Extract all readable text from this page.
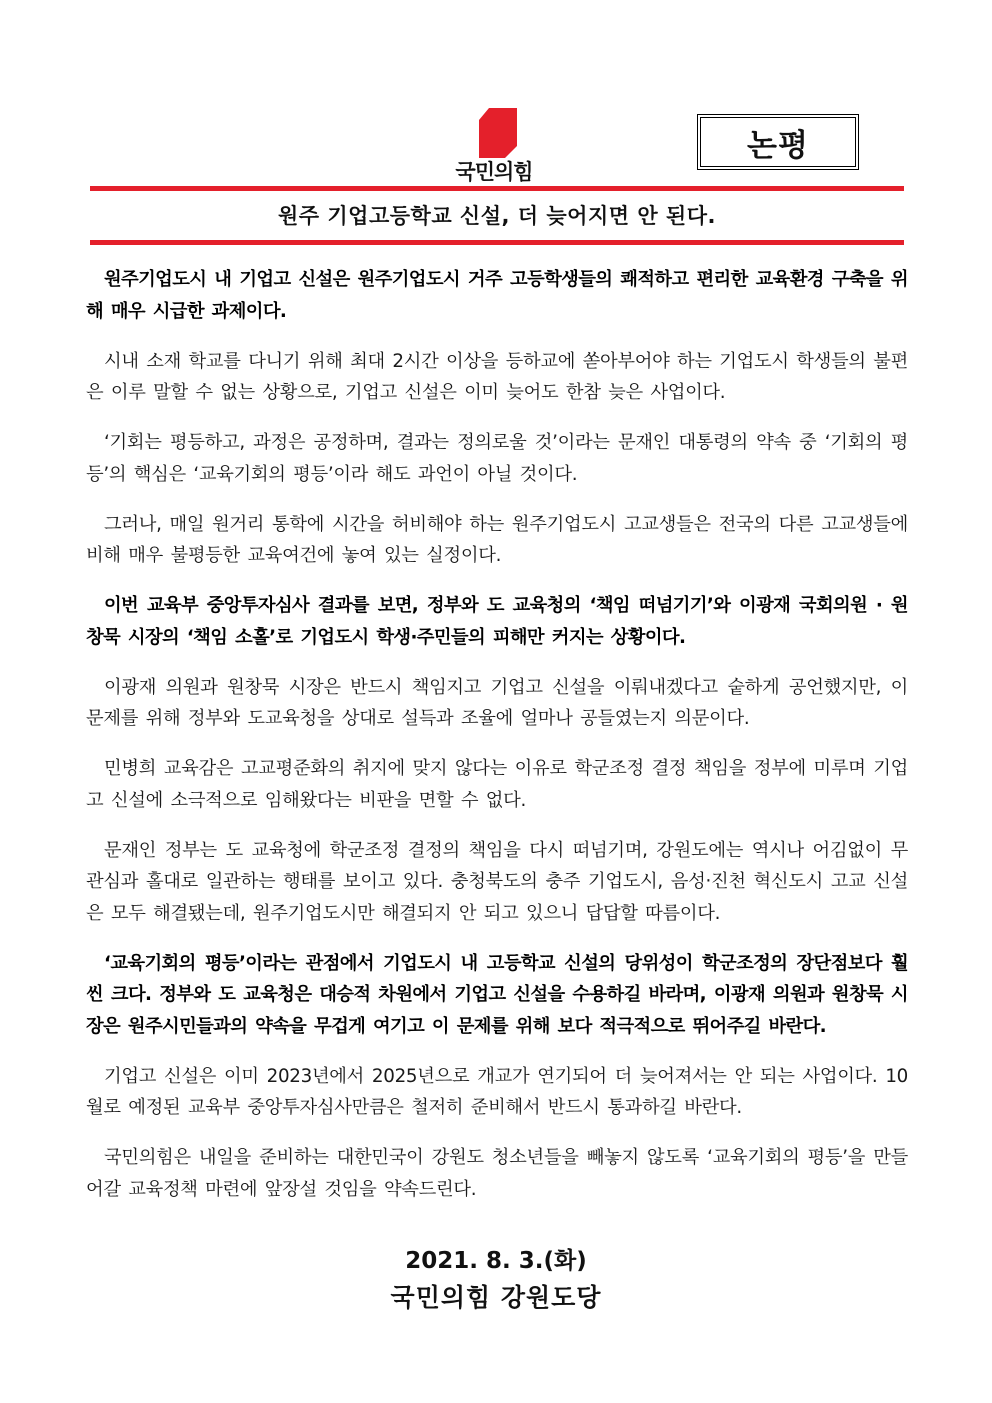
국민의힘
논평
원주 기업고등학교 신설, 더 늦어지면 안 된다.

원주기업도시 내 기업고 신설은 원주기업도시 거주 고등학생들의 쾌적하고 편리한 교육환경 구축을 위해 매우 시급한 과제이다.

시내 소재 학교를 다니기 위해 최대 2시간 이상을 등하교에 쏟아부어야 하는 기업도시 학생들의 불편은 이루 말할 수 없는 상황으로, 기업고 신설은 이미 늦어도 한참 늦은 사업이다.

‘기회는 평등하고, 과정은 공정하며, 결과는 정의로울 것’이라는 문재인 대통령의 약속 중 ‘기회의 평등’의 핵심은 ‘교육기회의 평등’이라 해도 과언이 아닐 것이다.

그러나, 매일 원거리 통학에 시간을 허비해야 하는 원주기업도시 고교생들은 전국의 다른 고교생들에 비해 매우 불평등한 교육여건에 놓여 있는 실정이다.

이번 교육부 중앙투자심사 결과를 보면, 정부와 도 교육청의 ‘책임 떠넘기기’와 이광재 국회의원 · 원창묵 시장의 ‘책임 소홀’로 기업도시 학생·주민들의 피해만 커지는 상황이다.

이광재 의원과 원창묵 시장은 반드시 책임지고 기업고 신설을 이뤄내겠다고 숱하게 공언했지만, 이 문제를 위해 정부와 도교육청을 상대로 설득과 조율에 얼마나 공들였는지 의문이다.

민병희 교육감은 고교평준화의 취지에 맞지 않다는 이유로 학군조정 결정 책임을 정부에 미루며 기업고 신설에 소극적으로 임해왔다는 비판을 면할 수 없다.

문재인 정부는 도 교육청에 학군조정 결정의 책임을 다시 떠넘기며, 강원도에는 역시나 어김없이 무관심과 홀대로 일관하는 행태를 보이고 있다. 충청북도의 충주 기업도시, 음성·진천 혁신도시 고교 신설은 모두 해결됐는데, 원주기업도시만 해결되지 안 되고 있으니 답답할 따름이다.

‘교육기회의 평등’이라는 관점에서 기업도시 내 고등학교 신설의 당위성이 학군조정의 장단점보다 훨씬 크다. 정부와 도 교육청은 대승적 차원에서 기업고 신설을 수용하길 바라며, 이광재 의원과 원창묵 시장은 원주시민들과의 약속을 무겁게 여기고 이 문제를 위해 보다 적극적으로 뛰어주길 바란다.

기업고 신설은 이미 2023년에서 2025년으로 개교가 연기되어 더 늦어져서는 안 되는 사업이다. 10월로 예정된 교육부 중앙투자심사만큼은 철저히 준비해서 반드시 통과하길 바란다.

국민의힘은 내일을 준비하는 대한민국이 강원도 청소년들을 빼놓지 않도록 ‘교육기회의 평등’을 만들어갈 교육정책 마련에 앞장설 것임을 약속드린다.

2021. 8. 3.(화)
국민의힘 강원도당
